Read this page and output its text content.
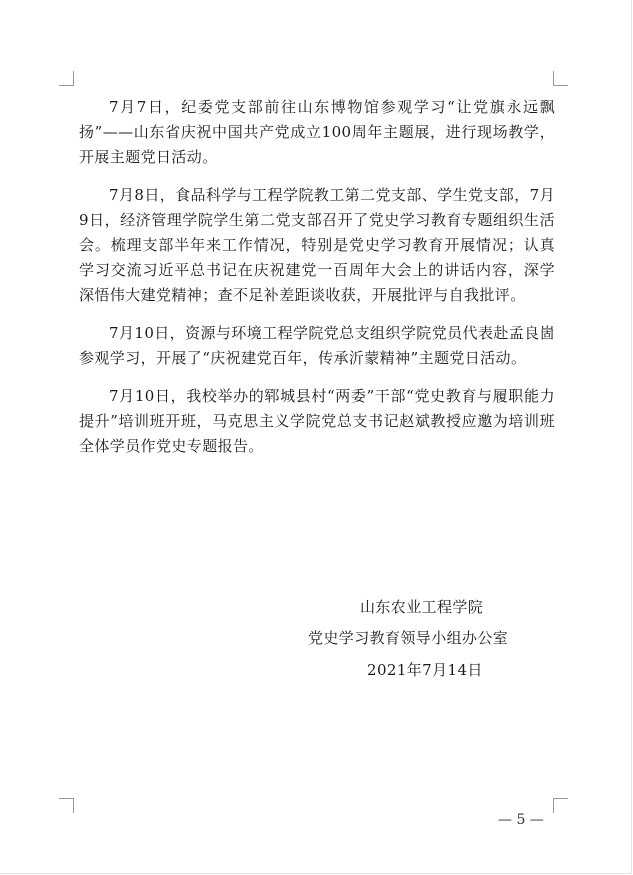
7月7日，纪委党支部前往山东博物馆参观学习“让党旗永远飘扬”——山东省庆祝中国共产党成立100周年主题展，进行现场教学，开展主题党日活动。

7月8日，食品科学与工程学院教工第二党支部、学生党支部，7月9日，经济管理学院学生第二党支部召开了党史学习教育专题组织生活会。梳理支部半年来工作情况，特别是党史学习教育开展情况；认真学习交流习近平总书记在庆祝建党一百周年大会上的讲话内容，深学深悟伟大建党精神；查不足补差距谈收获，开展批评与自我批评。

7月10日，资源与环境工程学院党总支组织学院党员代表赴孟良崮参观学习，开展了“庆祝建党百年，传承沂蒙精神”主题党日活动。

7月10日，我校举办的郓城县村“两委”干部“党史教育与履职能力提升”培训班开班，马克思主义学院党总支书记赵斌教授应邀为培训班全体学员作党史专题报告。

山东农业工程学院
党史学习教育领导小组办公室
2021年7月14日
— 5 —
